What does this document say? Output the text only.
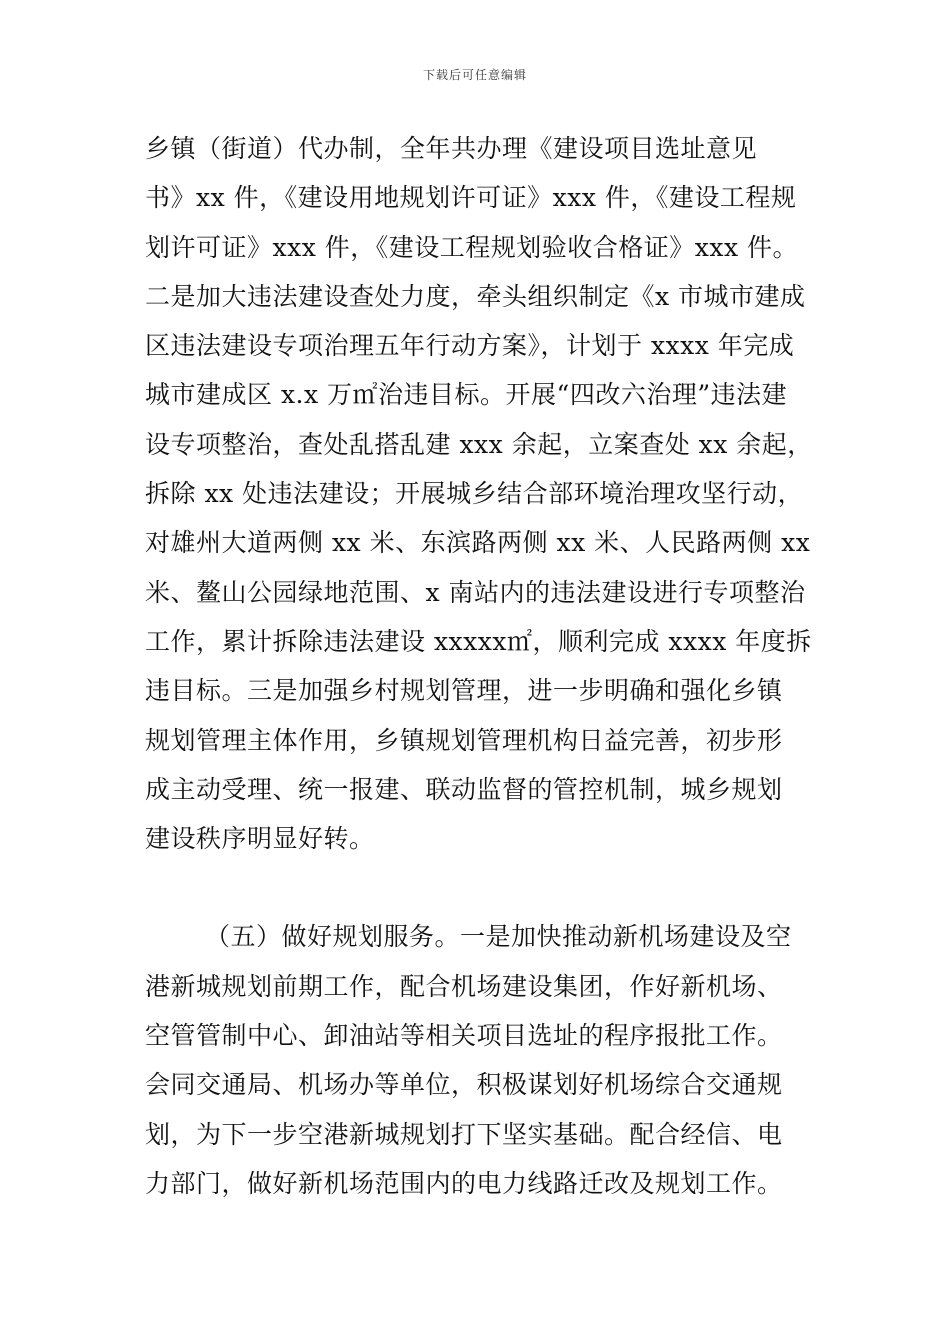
下载后可任意编辑

乡镇（街道）代办制，全年共办理《建设项目选址意见
书》xx 件，《建设用地规划许可证》xxx 件，《建设工程规
划许可证》xxx 件，《建设工程规划验收合格证》xxx 件。
二是加大违法建设查处力度，牵头组织制定《x 市城市建成
区违法建设专项治理五年行动方案》，计划于 xxxx 年完成
城市建成区 x.x 万㎡治违目标。开展“四改六治理”违法建
设专项整治，查处乱搭乱建 xxx 余起，立案查处 xx 余起，
拆除 xx 处违法建设；开展城乡结合部环境治理攻坚行动，
对雄州大道两侧 xx 米、东滨路两侧 xx 米、人民路两侧 xx
米、鳌山公园绿地范围、x 南站内的违法建设进行专项整治
工作，累计拆除违法建设 xxxxx㎡，顺利完成 xxxx 年度拆
违目标。三是加强乡村规划管理，进一步明确和强化乡镇
规划管理主体作用，乡镇规划管理机构日益完善，初步形
成主动受理、统一报建、联动监督的管控机制，城乡规划
建设秩序明显好转。

（五）做好规划服务。一是加快推动新机场建设及空
港新城规划前期工作，配合机场建设集团，作好新机场、
空管管制中心、卸油站等相关项目选址的程序报批工作。
会同交通局、机场办等单位，积极谋划好机场综合交通规
划，为下一步空港新城规划打下坚实基础。配合经信、电
力部门，做好新机场范围内的电力线路迁改及规划工作。
